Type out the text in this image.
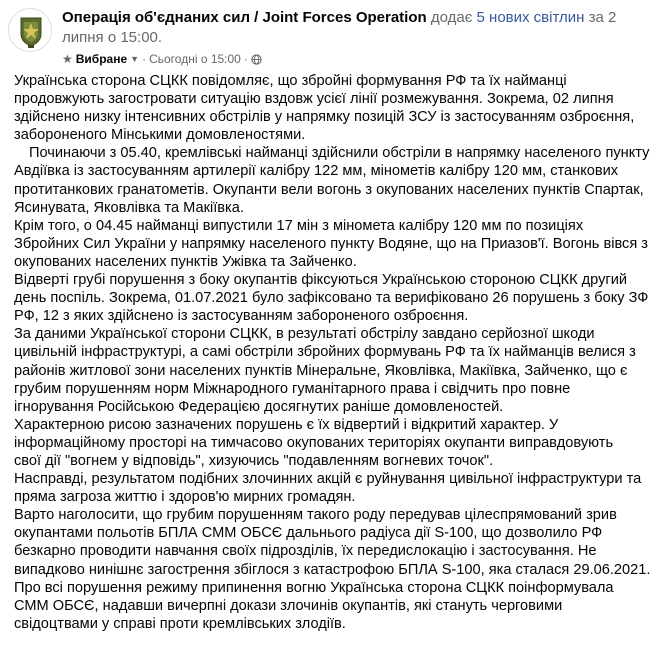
Операція об'єднаних сил / Joint Forces Operation додає 5 нових світлин за 2
липня о 15:00.
★ Вибране ▼ · Сьогодні о 15:00 ·

Українська сторона СЦКК повідомляє, що збройні формування РФ та їх найманці

продовжують загостровати ситуацію вздовж усієї лінії розмежування. Зокрема, 02 липня

здійснено низку інтенсивних обстрілів у напрямку позицій ЗСУ із застосуванням озброєння,

забороненого Мінськими домовленостями.

Починаючи з 05.40, кремлівські найманці здійснили обстріли в напрямку населеного пункту

Авдіївка із застосуванням артилерії калібру 122 мм, мінометів калібру 120 мм, станкових

протитанкових гранатометів. Окупанти вели вогонь з окупованих населених пунктів Спартак,

Ясинувата, Яковлівка та Макіївка.

Крім того, о 04.45 найманці випустили 17 мін з міномета калібру 120 мм по позиціях

Збройних Сил України у напрямку населеного пункту Водяне, що на Приазов'ї. Вогонь вівся з

окупованих населених пунктів Ужівка та Зайченко.

Відверті грубі порушення з боку окупантів фіксуються Українською стороною СЦКК другий

день поспіль. Зокрема, 01.07.2021 було зафіксовано та верифіковано 26 порушень з боку ЗФ

РФ, 12 з яких здійснено із застосуванням забороненого озброєння.

За даними Української сторони СЦКК, в результаті обстрілу завдано серйозної шкоди

цивільній інфраструктурі, а самі обстріли збройних формувань РФ та їх найманців велися з

районів житлової зони населених пунктів Мінеральне, Яковлівка, Макіївка, Зайченко, що є

грубим порушенням норм Міжнародного гуманітарного права і свідчить про повне

ігнорування Російською Федерацією досягнутих раніше домовленостей.

Характерною рисою зазначених порушень є їх відвертий і відкритий характер. У

інформаційному просторі на тимчасово окупованих територіях окупанти виправдовують

свої дії "вогнем у відповідь", хизуючись "подавленням вогневих точок".

Насправді, результатом подібних злочинних акцій є руйнування цивільної інфраструктури та

пряма загроза життю і здоров'ю мирних громадян.

Варто наголосити, що грубим порушенням такого роду передував цілеспрямований зрив

окупантами польотів БПЛА СММ ОБСЄ дальнього радіуса дії S-100, що дозволило РФ

безкарно проводити навчання своїх підрозділів, їх передислокацію і застосування. Не

випадково нинішнє загострення збіглося з катастрофою БПЛА S-100, яка сталася 29.06.2021.

Про всі порушення режиму припинення вогню Українська сторона СЦКК поінформувала

СММ ОБСЄ, надавши вичерпні докази злочинів окупантів, які стануть черговими

свідоцтвами у справі проти кремлівських злодіїв.
